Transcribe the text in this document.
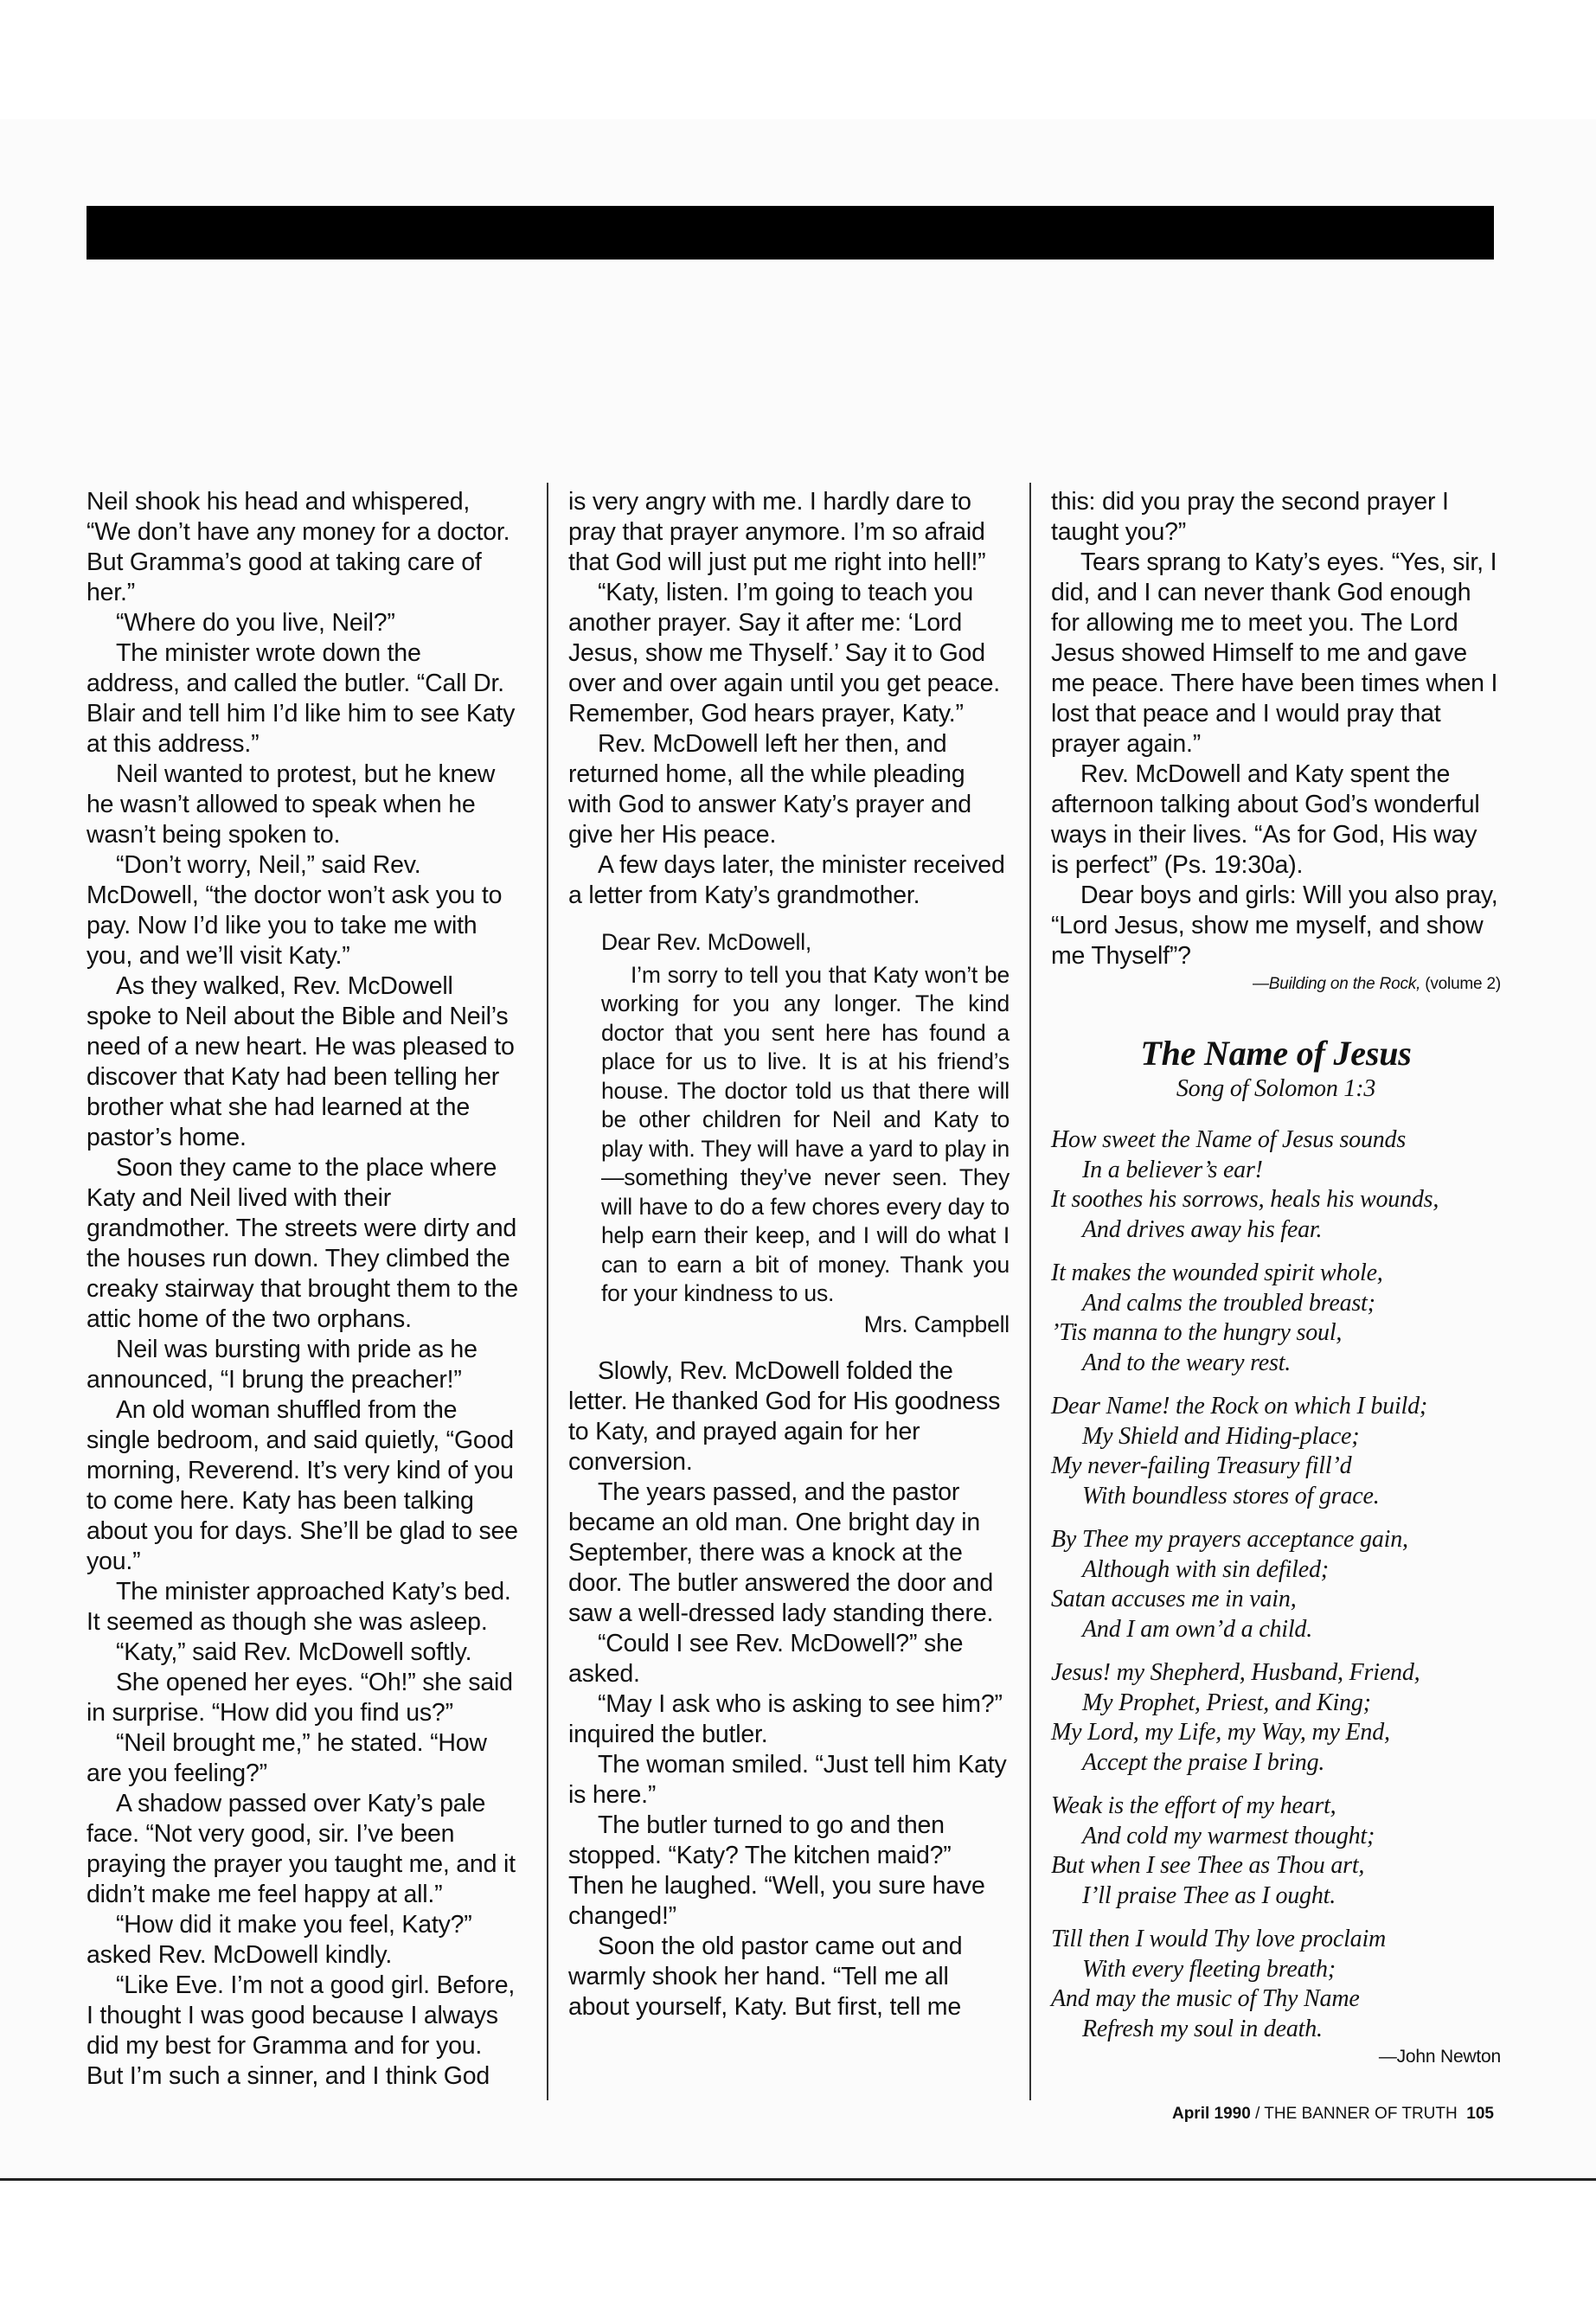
Neil shook his head and whispered, “We don’t have any money for a doctor. But Gramma’s good at taking care of her.”

“Where do you live, Neil?”

The minister wrote down the address, and called the butler. “Call Dr. Blair and tell him I’d like him to see Katy at this address.”

Neil wanted to protest, but he knew he wasn’t allowed to speak when he wasn’t being spoken to.

“Don’t worry, Neil,” said Rev. McDowell, “the doctor won’t ask you to pay. Now I’d like you to take me with you, and we’ll visit Katy.”

As they walked, Rev. McDowell spoke to Neil about the Bible and Neil’s need of a new heart. He was pleased to discover that Katy had been telling her brother what she had learned at the pastor’s home.

Soon they came to the place where Katy and Neil lived with their grandmother. The streets were dirty and the houses run down. They climbed the creaky stairway that brought them to the attic home of the two orphans.

Neil was bursting with pride as he announced, “I brung the preacher!”

An old woman shuffled from the single bedroom, and said quietly, “Good morning, Reverend. It’s very kind of you to come here. Katy has been talking about you for days. She’ll be glad to see you.”

The minister approached Katy’s bed. It seemed as though she was asleep.

“Katy,” said Rev. McDowell softly.

She opened her eyes. “Oh!” she said in surprise. “How did you find us?”

“Neil brought me,” he stated. “How are you feeling?”

A shadow passed over Katy’s pale face. “Not very good, sir. I’ve been praying the prayer you taught me, and it didn’t make me feel happy at all.”

“How did it make you feel, Katy?” asked Rev. McDowell kindly.

“Like Eve. I’m not a good girl. Before, I thought I was good because I always did my best for Gramma and for you. But I’m such a sinner, and I think God

is very angry with me. I hardly dare to pray that prayer anymore. I’m so afraid that God will just put me right into hell!”

“Katy, listen. I’m going to teach you another prayer. Say it after me: ‘Lord Jesus, show me Thyself.’ Say it to God over and over again until you get peace. Remember, God hears prayer, Katy.”

Rev. McDowell left her then, and returned home, all the while pleading with God to answer Katy’s prayer and give her His peace.

A few days later, the minister received a letter from Katy’s grandmother.

Dear Rev. McDowell,

I’m sorry to tell you that Katy won’t be working for you any longer. The kind doctor that you sent here has found a place for us to live. It is at his friend’s house. The doctor told us that there will be other children for Neil and Katy to play with. They will have a yard to play in—something they’ve never seen. They will have to do a few chores every day to help earn their keep, and I will do what I can to earn a bit of money. Thank you for your kindness to us.

Mrs. Campbell

Slowly, Rev. McDowell folded the letter. He thanked God for His goodness to Katy, and prayed again for her conversion.

The years passed, and the pastor became an old man. One bright day in September, there was a knock at the door. The butler answered the door and saw a well-dressed lady standing there.

“Could I see Rev. McDowell?” she asked.

“May I ask who is asking to see him?” inquired the butler.

The woman smiled. “Just tell him Katy is here.”

The butler turned to go and then stopped. “Katy? The kitchen maid?” Then he laughed. “Well, you sure have changed!”

Soon the old pastor came out and warmly shook her hand. “Tell me all about yourself, Katy. But first, tell me

this: did you pray the second prayer I taught you?”

Tears sprang to Katy’s eyes. “Yes, sir, I did, and I can never thank God enough for allowing me to meet you. The Lord Jesus showed Himself to me and gave me peace. There have been times when I lost that peace and I would pray that prayer again.”

Rev. McDowell and Katy spent the afternoon talking about God’s wonderful ways in their lives. “As for God, His way is perfect” (Ps. 19:30a).

Dear boys and girls: Will you also pray, “Lord Jesus, show me myself, and show me Thyself”?

—Building on the Rock, (volume 2)
The Name of Jesus
Song of Solomon 1:3
How sweet the Name of Jesus sounds
In a believer’s ear!
It soothes his sorrows, heals his wounds,
And drives away his fear.
It makes the wounded spirit whole,
And calms the troubled breast;
’Tis manna to the hungry soul,
And to the weary rest.
Dear Name! the Rock on which I build;
My Shield and Hiding-place;
My never-failing Treasury fill’d
With boundless stores of grace.
By Thee my prayers acceptance gain,
Although with sin defiled;
Satan accuses me in vain,
And I am own’d a child.
Jesus! my Shepherd, Husband, Friend,
My Prophet, Priest, and King;
My Lord, my Life, my Way, my End,
Accept the praise I bring.
Weak is the effort of my heart,
And cold my warmest thought;
But when I see Thee as Thou art,
I’ll praise Thee as I ought.
Till then I would Thy love proclaim
With every fleeting breath;
And may the music of Thy Name
Refresh my soul in death.
—John Newton
April 1990 / THE BANNER OF TRUTH 105
